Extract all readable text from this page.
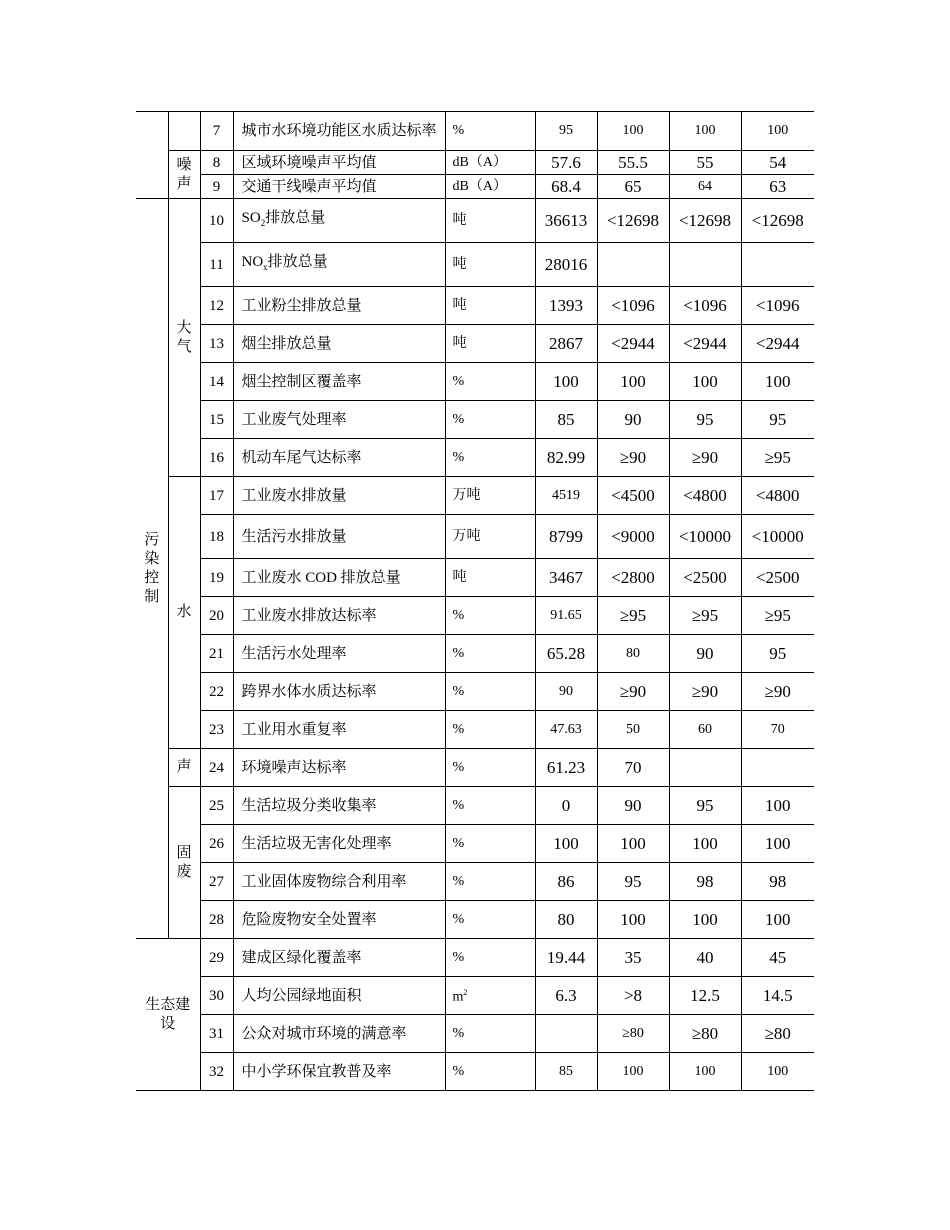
		7	城市水环境功能区水质达标率	%	95	100	100	100
	噪声	8	区域环境噪声平均值	dB（A）	57.6	55.5	55	54
		9	交通干线噪声平均值	dB（A）	68.4	65	64	63
污染控制	大气	10	$SO_2$排放总量	吨	36613	<12698	<12698	<12698
		11	$NO_x$排放总量	吨	28016			
		12	工业粉尘排放总量	吨	1393	<1096	<1096	<1096
		13	烟尘排放总量	吨	2867	<2944	<2944	<2944
		14	烟尘控制区覆盖率	%	100	100	100	100
		15	工业废气处理率	%	85	90	95	95
		16	机动车尾气达标率	%	82.99	≥90	≥90	≥95
	水	17	工业废水排放量	万吨	4519	<4500	<4800	<4800
		18	生活污水排放量	万吨	8799	<9000	<10000	<10000
		19	工业废水 COD 排放总量	吨	3467	<2800	<2500	<2500
		20	工业废水排放达标率	%	91.65	≥95	≥95	≥95
		21	生活污水处理率	%	65.28	80	90	95
		22	跨界水体水质达标率	%	90	≥90	≥90	≥90
		23	工业用水重复率	%	47.63	50	60	70
	声	24	环境噪声达标率	%	61.23	70		
	固废	25	生活垃圾分类收集率	%	0	90	95	100
		26	生活垃圾无害化处理率	%	100	100	100	100
		27	工业固体废物综合利用率	%	86	95	98	98
		28	危险废物安全处置率	%	80	100	100	100
生态建设		29	建成区绿化覆盖率	%	19.44	35	40	45
		30	人均公园绿地面积	$m^2$	6.3	>8	12.5	14.5
		31	公众对城市环境的满意率	%		≥80	≥80	≥80
		32	中小学环保宜教普及率	%	85	100	100	100
